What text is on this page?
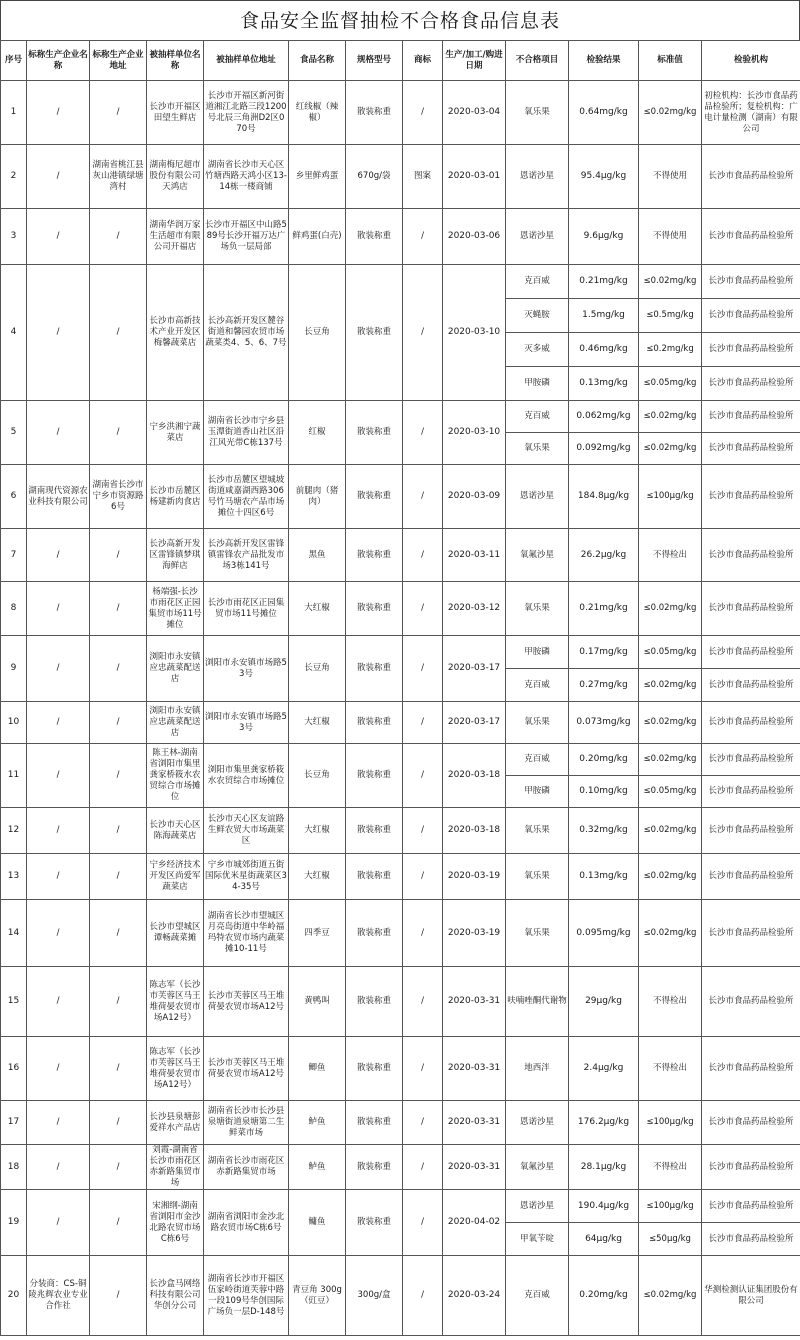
食品安全监督抽检不合格食品信息表
序号	标称生产企业名称	标称生产企业地址	被抽样单位名称	被抽样单位地址	食品名称	规格型号	商标	生产/加工/购进日期	不合格项目	检验结果	标准值	检验机构
1	/	/	长沙市开福区田望生鲜店	长沙市开福区新河街道湘江北路三段1200号北辰三角洲D2区070号	红线椒（辣椒）	散装称重	/	2020-03-04	氧乐果	0.64mg/kg	≤0.02mg/kg	初检机构：长沙市食品药品检验所；复检机构：广电计量检测（湖南）有限公司
2	/	湖南省桃江县灰山港镇绿塘湾村	湖南梅尼超市股份有限公司天鸿店	湖南省长沙市天心区竹塘西路天鸿小区13-14栋一楼商铺	乡里鲜鸡蛋	670g/袋	图案	2020-03-01	恩诺沙星	95.4μg/kg	不得使用	长沙市食品药品检验所
3	/	/	湖南华润万家生活超市有限公司开福店	长沙市开福区中山路589号长沙开福万达广场负一层局部	鲜鸡蛋(白壳)	散装称重	/	2020-03-06	恩诺沙星	9.6μg/kg	不得使用	长沙市食品药品检验所
4	/	/	长沙市高新技术产业开发区梅馨蔬菜店	长沙高新开发区麓谷街道和馨园农贸市场蔬菜类4、5、6、7号	长豆角	散装称重	/	2020-03-10	克百威	0.21mg/kg	≤0.02mg/kg	长沙市食品药品检验所
									灭蝇胺	1.5mg/kg	≤0.5mg/kg	长沙市食品药品检验所
									灭多威	0.46mg/kg	≤0.2mg/kg	长沙市食品药品检验所
									甲胺磷	0.13mg/kg	≤0.05mg/kg	长沙市食品药品检验所
5	/	/	宁乡洪湘宁蔬菜店	湖南省长沙市宁乡县玉潭街道香山社区沿江风光带C栋137号	红椒	散装称重	/	2020-03-10	克百威	0.062mg/kg	≤0.02mg/kg	长沙市食品药品检验所
									氧乐果	0.092mg/kg	≤0.02mg/kg	长沙市食品药品检验所
6	湖南现代资源农业科技有限公司	湖南省长沙市宁乡市资源路6号	长沙市岳麓区杨建新肉食店	长沙市岳麓区望城坡街道咸嘉湖西路306号竹马塘农产品市场摊位十四区6号	前腿肉（猪肉）	散装称重	/	2020-03-09	恩诺沙星	184.8μg/kg	≤100μg/kg	长沙市食品药品检验所
7	/	/	长沙高新开发区雷锋镇梦琪海鲜店	长沙高新开发区雷锋镇雷锋农产品批发市场3栋141号	黑鱼	散装称重	/	2020-03-11	氧氟沙星	26.2μg/kg	不得检出	长沙市食品药品检验所
8	/	/	杨端强-长沙市雨花区正园集贸市场11号摊位	长沙市雨花区正园集贸市场11号摊位	大红椒	散装称重	/	2020-03-12	氧乐果	0.21mg/kg	≤0.02mg/kg	长沙市食品药品检验所
9	/	/	浏阳市永安镇应忠蔬菜配送店	浏阳市永安镇市场路53号	长豆角	散装称重	/	2020-03-17	甲胺磷	0.17mg/kg	≤0.05mg/kg	长沙市食品药品检验所
									克百威	0.27mg/kg	≤0.02mg/kg	长沙市食品药品检验所
10	/	/	浏阳市永安镇应忠蔬菜配送店	浏阳市永安镇市场路53号	大红椒	散装称重	/	2020-03-17	氧乐果	0.073mg/kg	≤0.02mg/kg	长沙市食品药品检验所
11	/	/	陈王林-湖南省浏阳市集里龚家桥筱水农贸综合市场摊位	浏阳市集里龚家桥筱水农贸综合市场摊位	长豆角	散装称重	/	2020-03-18	克百威	0.20mg/kg	≤0.02mg/kg	长沙市食品药品检验所
									甲胺磷	0.10mg/kg	≤0.05mg/kg	长沙市食品药品检验所
12	/	/	长沙市天心区陈海蔬菜店	长沙市天心区友谊路生鲜农贸大市场蔬菜区	大红椒	散装称重	/	2020-03-18	氧乐果	0.32mg/kg	≤0.02mg/kg	长沙市食品药品检验所
13	/	/	宁乡经济技术开发区尚爱军蔬菜店	宁乡市城郊街道五街国际优米星街蔬菜区34-35号	大红椒	散装称重	/	2020-03-19	氧乐果	0.13mg/kg	≤0.02mg/kg	长沙市食品药品检验所
14	/	/	长沙市望城区谭畅蔬菜摊	湖南省长沙市望城区月亮岛街道中华岭福玛特农贸市场内蔬菜摊10-11号	四季豆	散装称重	/	2020-03-19	氧乐果	0.095mg/kg	≤0.02mg/kg	长沙市食品药品检验所
15	/	/	陈志军（长沙市芙蓉区马王堆荷晏农贸市场A12号）	长沙市芙蓉区马王堆荷晏农贸市场A12号	黄鸭叫	散装称重	/	2020-03-31	呋喃唑酮代谢物	29μg/kg	不得检出	长沙市食品药品检验所
16	/	/	陈志军（长沙市芙蓉区马王堆荷晏农贸市场A12号）	长沙市芙蓉区马王堆荷晏农贸市场A12号	鲫鱼	散装称重	/	2020-03-31	地西泮	2.4μg/kg	不得检出	长沙市食品药品检验所
17	/	/	长沙县泉塘彭爱祥水产品店	湖南省长沙市长沙县泉塘街道泉塘第二生鲜菜市场	鲈鱼	散装称重	/	2020-03-31	恩诺沙星	176.2μg/kg	≤100μg/kg	长沙市食品药品检验所
18	/	/	刘霞-湖南省长沙市雨花区赤新路集贸市场	湖南省长沙市雨花区赤新路集贸市场	鲈鱼	散装称重	/	2020-03-31	氧氟沙星	28.1μg/kg	不得检出	长沙市食品药品检验所
19	/	/	宋湘纲-湖南省浏阳市金沙北路农贸市场C栋6号	湖南省浏阳市金沙北路农贸市场C栋6号	鳙鱼	散装称重	/	2020-04-02	恩诺沙星	190.4μg/kg	≤100μg/kg	长沙市食品药品检验所
									甲氧苄啶	64μg/kg	≤50μg/kg	长沙市食品药品检验所
20	分装商：CS-铜陵兆辉农业专业合作社	/	长沙盒马网络科技有限公司华创分公司	湖南省长沙市开福区伍家岭街道芙蓉中路一段109号华创国际广场负一层D-148号	青豆角 300g（豇豆）	300g/盒	/	2020-03-24	克百威	0.20mg/kg	≤0.02mg/kg	华测检测认证集团股份有限公司
